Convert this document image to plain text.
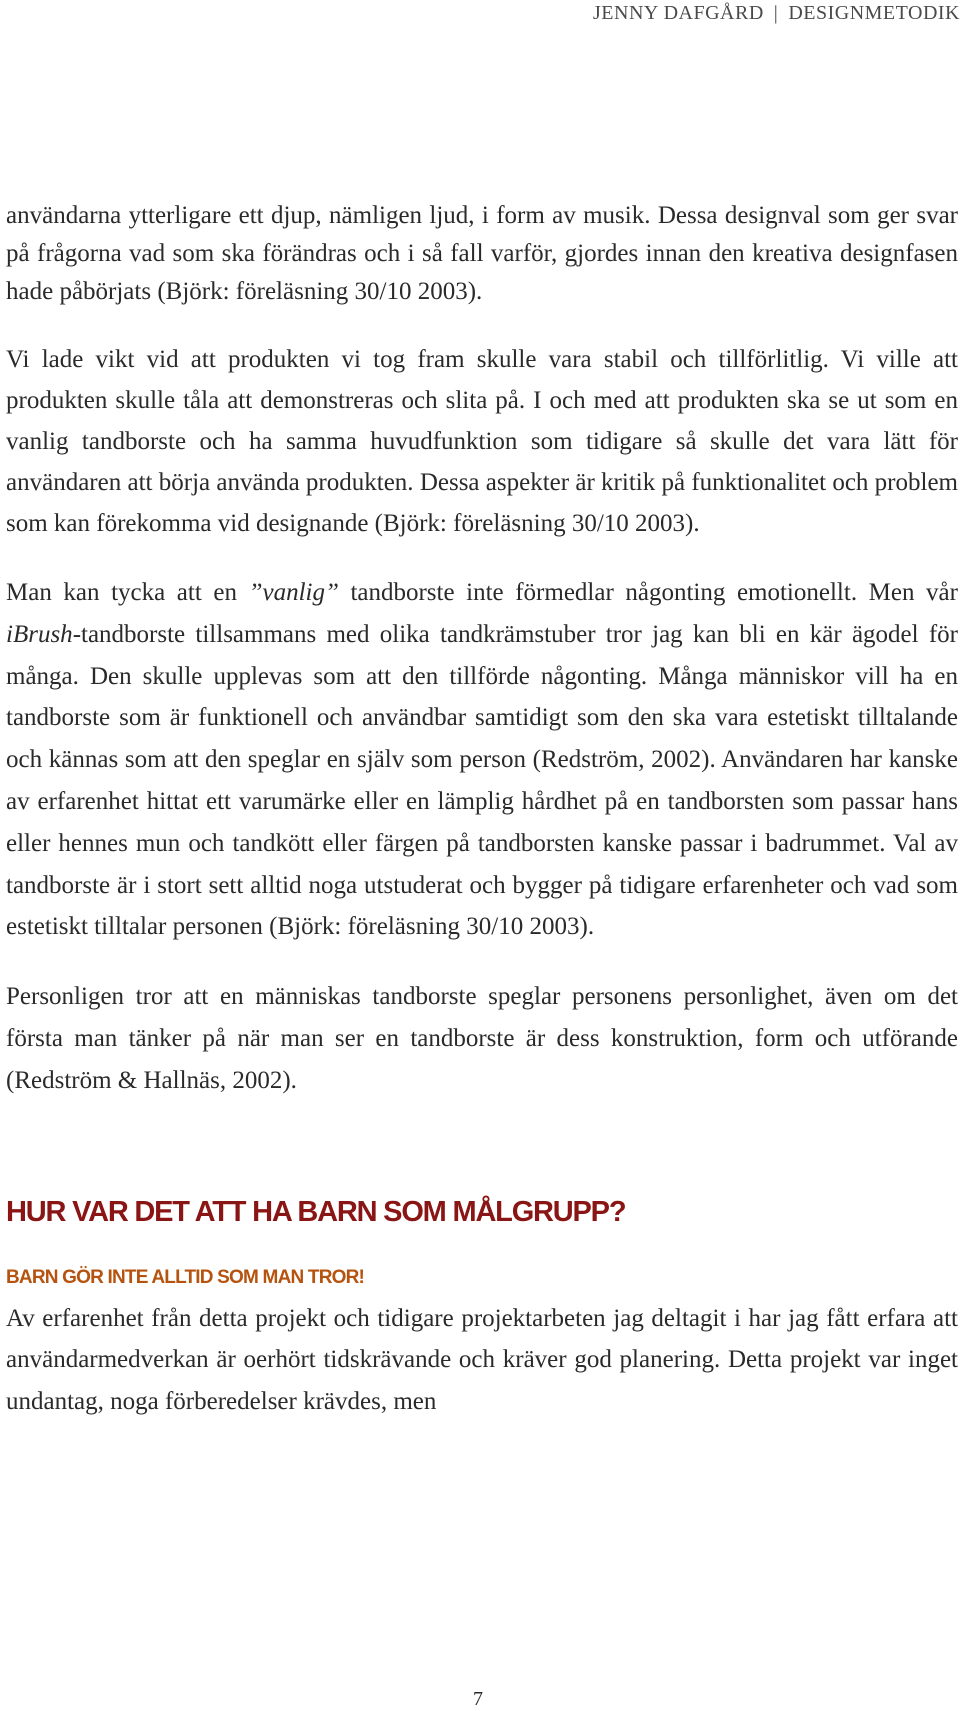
JENNY DAFGÅRD | DESIGNMETODIK

användarna ytterligare ett djup, nämligen ljud, i form av musik. Dessa designval som ger svar på frågorna vad som ska förändras och i så fall varför, gjordes innan den kreativa designfasen hade påbörjats (Björk: föreläsning 30/10 2003).

Vi lade vikt vid att produkten vi tog fram skulle vara stabil och tillförlitlig. Vi ville att produkten skulle tåla att demonstreras och slita på. I och med att produkten ska se ut som en vanlig tandborste och ha samma huvudfunktion som tidigare så skulle det vara lätt för användaren att börja använda produkten. Dessa aspekter är kritik på funktionalitet och problem som kan förekomma vid designande (Björk: föreläsning 30/10 2003).

Man kan tycka att en ”vanlig” tandborste inte förmedlar någonting emotionellt. Men vår iBrush-tandborste tillsammans med olika tandkrämstuber tror jag kan bli en kär ägodel för många. Den skulle upplevas som att den tillförde någonting. Många människor vill ha en tandborste som är funktionell och användbar samtidigt som den ska vara estetiskt tilltalande och kännas som att den speglar en själv som person (Redström, 2002). Användaren har kanske av erfarenhet hittat ett varumärke eller en lämplig hårdhet på en tandborsten som passar hans eller hennes mun och tandkött eller färgen på tandborsten kanske passar i badrummet. Val av tandborste är i stort sett alltid noga utstuderat och bygger på tidigare erfarenheter och vad som estetiskt tilltalar personen (Björk: föreläsning 30/10 2003).

Personligen tror att en människas tandborste speglar personens personlighet, även om det första man tänker på när man ser en tandborste är dess konstruktion, form och utförande (Redström & Hallnäs, 2002).

HUR VAR DET ATT HA BARN SOM MÅLGRUPP?
BARN GÖR INTE ALLTID SOM MAN TROR!

Av erfarenhet från detta projekt och tidigare projektarbeten jag deltagit i har jag fått erfara att användarmedverkan är oerhört tidskrävande och kräver god planering. Detta projekt var inget undantag, noga förberedelser krävdes, men

7
